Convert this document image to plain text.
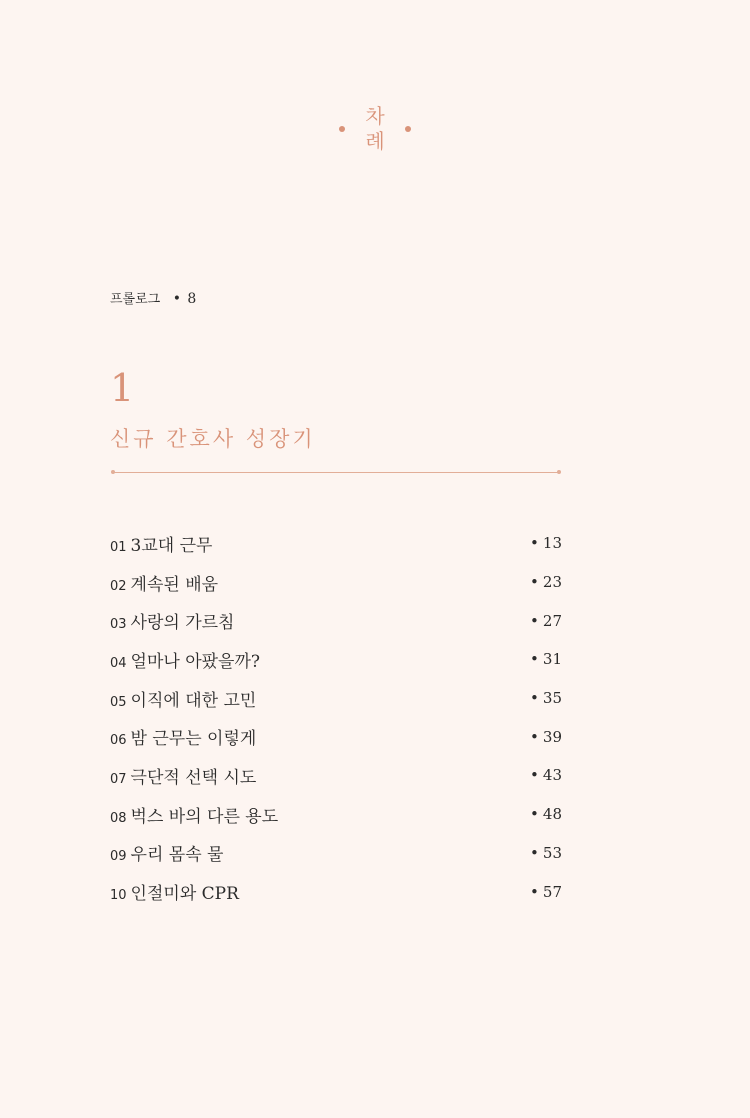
차
례
프롤로그 • 8
1
신규 간호사 성장기
01 3교대 근무	• 13
02 계속된 배움	• 23
03 사랑의 가르침	• 27
04 얼마나 아팠을까?	• 31
05 이직에 대한 고민	• 35
06 밤 근무는 이렇게	• 39
07 극단적 선택 시도	• 43
08 벅스 바의 다른 용도	• 48
09 우리 몸속 물	• 53
10 인절미와 CPR	• 57
